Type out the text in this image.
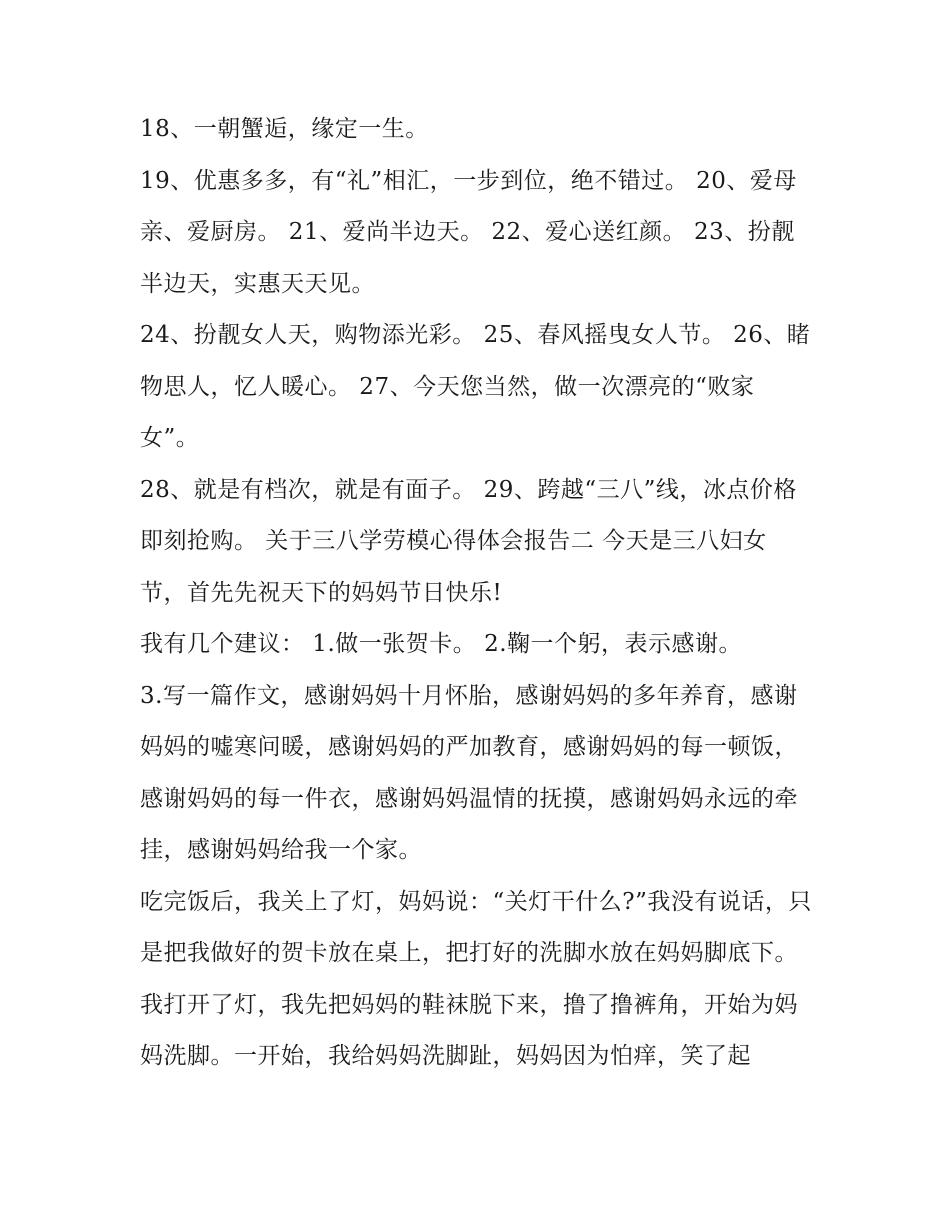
18、一朝蟹逅，缘定一生。

19、优惠多多，有“礼”相汇，一步到位，绝不错过。 20、爱母亲、爱厨房。 21、爱尚半边天。 22、爱心送红颜。 23、扮靓半边天，实惠天天见。

24、扮靓女人天，购物添光彩。 25、春风摇曳女人节。 26、睹物思人，忆人暖心。 27、今天您当然，做一次漂亮的“败家女”。

28、就是有档次，就是有面子。 29、跨越“三八”线，冰点价格即刻抢购。 关于三八学劳模心得体会报告二 今天是三八妇女节，首先先祝天下的妈妈节日快乐!

我有几个建议： 1.做一张贺卡。 2.鞠一个躬，表示感谢。

3.写一篇作文，感谢妈妈十月怀胎，感谢妈妈的多年养育，感谢妈妈的嘘寒问暖，感谢妈妈的严加教育，感谢妈妈的每一顿饭，感谢妈妈的每一件衣，感谢妈妈温情的抚摸，感谢妈妈永远的牵挂，感谢妈妈给我一个家。

吃完饭后，我关上了灯，妈妈说：“关灯干什么?”我没有说话，只是把我做好的贺卡放在桌上，把打好的洗脚水放在妈妈脚底下。

我打开了灯，我先把妈妈的鞋袜脱下来，撸了撸裤角，开始为妈妈洗脚。一开始，我给妈妈洗脚趾，妈妈因为怕痒，笑了起
